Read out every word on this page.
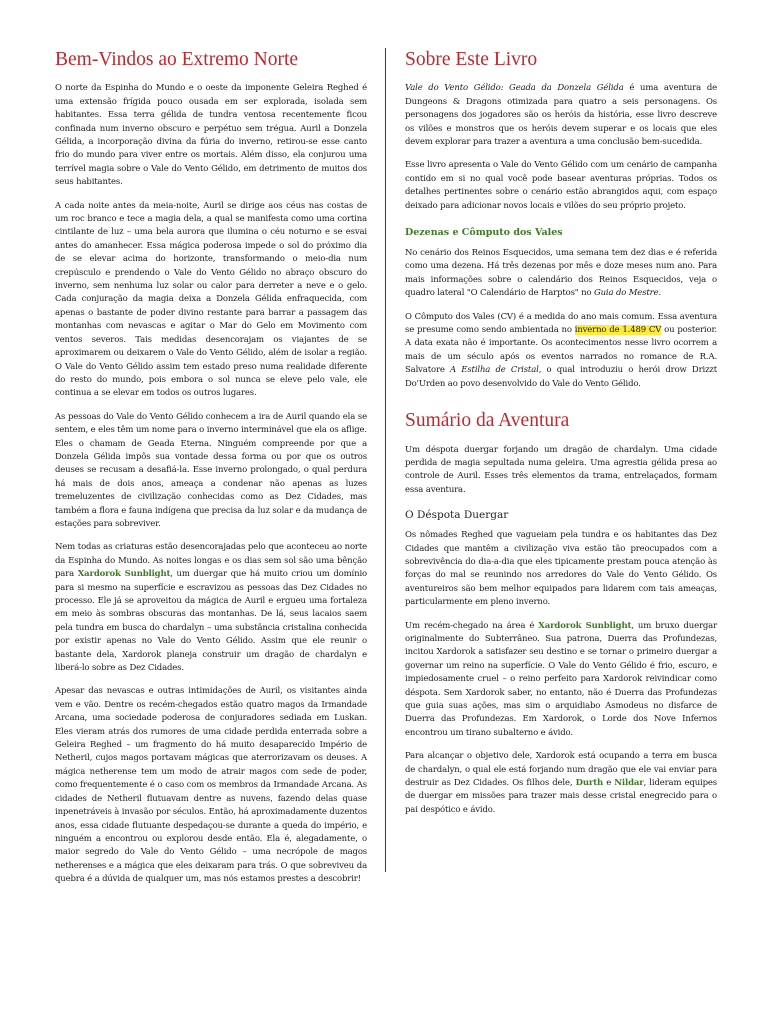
Bem-Vindos ao Extremo Norte

O norte da Espinha do Mundo e o oeste da imponente Geleira Reghed é uma extensão frígida pouco ousada em ser explorada, isolada sem habitantes. Essa terra gélida de tundra ventosa recentemente ficou confinada num inverno obscuro e perpétuo sem trégua. Auril a Donzela Gélida, a incorporação divina da fúria do inverno, retirou-se esse canto frio do mundo para viver entre os mortais. Além disso, ela conjurou uma terrível magia sobre o Vale do Vento Gélido, em detrimento de muitos dos seus habitantes.

A cada noite antes da meia-noite, Auril se dirige aos céus nas costas de um roc branco e tece a magia dela, a qual se manifesta como uma cortina cintilante de luz – uma bela aurora que ilumina o céu noturno e se esvai antes do amanhecer. Essa mágica poderosa impede o sol do próximo dia de se elevar acima do horizonte, transformando o meio-dia num crepúsculo e prendendo o Vale do Vento Gélido no abraço obscuro do inverno, sem nenhuma luz solar ou calor para derreter a neve e o gelo. Cada conjuração da magia deixa a Donzela Gélida enfraquecida, com apenas o bastante de poder divino restante para barrar a passagem das montanhas com nevascas e agitar o Mar do Gelo em Movimento com ventos severos. Tais medidas desencorajam os viajantes de se aproximarem ou deixarem o Vale do Vento Gélido, além de isolar a região. O Vale do Vento Gélido assim tem estado preso numa realidade diferente do resto do mundo, pois embora o sol nunca se eleve pelo vale, ele continua a se elevar em todos os outros lugares.

As pessoas do Vale do Vento Gélido conhecem a ira de Auril quando ela se sentem, e eles têm um nome para o inverno interminável que ela os aflige. Eles o chamam de Geada Eterna. Ninguém compreende por que a Donzela Gélida impôs sua vontade dessa forma ou por que os outros deuses se recusam a desafiá-la. Esse inverno prolongado, o qual perdura há mais de dois anos, ameaça a condenar não apenas as luzes tremeluzentes de civilização conhecidas como as Dez Cidades, mas também a flora e fauna indígena que precisa da luz solar e da mudança de estações para sobreviver.

Nem todas as criaturas estão desencorajadas pelo que aconteceu ao norte da Espinha do Mundo. As noites longas e os dias sem sol são uma bênção para Xardorok Sunblight, um duergar que há muito criou um domínio para si mesmo na superfície e escravizou as pessoas das Dez Cidades no processo. Ele já se aproveitou da mágica de Auril e ergueu uma fortaleza em meio às sombras obscuras das montanhas. De lá, seus lacaios saem pela tundra em busca do chardalyn – uma substância cristalina conhecida por existir apenas no Vale do Vento Gélido. Assim que ele reunir o bastante dela, Xardorok planeja construir um dragão de chardalyn e liberá-lo sobre as Dez Cidades.

Apesar das nevascas e outras intimidações de Auril, os visitantes ainda vem e vão. Dentre os recém-chegados estão quatro magos da Irmandade Arcana, uma sociedade poderosa de conjuradores sediada em Luskan. Eles vieram atrás dos rumores de uma cidade perdida enterrada sobre a Geleira Reghed – um fragmento do há muito desaparecido Império de Netheril, cujos magos portavam mágicas que aterrorizavam os deuses. A mágica netherense tem um modo de atrair magos com sede de poder, como frequentemente é o caso com os membros da Irmandade Arcana. As cidades de Netheril flutuavam dentre as nuvens, fazendo delas quase inpenetráveis à invasão por séculos. Então, há aproximadamente duzentos anos, essa cidade flutuante despedaçou-se durante a queda do império, e ninguém a encontrou ou explorou desde então. Ela é, alegadamente, o maior segredo do Vale do Vento Gélido – uma necrópole de magos netherenses e a mágica que eles deixaram para trás. O que sobreviveu da quebra é a dúvida de qualquer um, mas nós estamos prestes a descobrir!

Sobre Este Livro

Vale do Vento Gélido: Geada da Donzela Gélida é uma aventura de Dungeons & Dragons otimizada para quatro a seis personagens. Os personagens dos jogadores são os heróis da história, esse livro descreve os vilões e monstros que os heróis devem superar e os locais que eles devem explorar para trazer a aventura a uma conclusão bem-sucedida.

Esse livro apresenta o Vale do Vento Gélido com um cenário de campanha contido em si no qual você pode basear aventuras próprias. Todos os detalhes pertinentes sobre o cenário estão abrangidos aqui, com espaço deixado para adicionar novos locais e vilões do seu próprio projeto.

Dezenas e Cômputo dos Vales

No cenário dos Reinos Esquecidos, uma semana tem dez dias e é referida como uma dezena. Há três dezenas por mês e doze meses num ano. Para mais informações sobre o calendário dos Reinos Esquecidos, veja o quadro lateral "O Calendário de Harptos" no Guia do Mestre.

O Cômputo dos Vales (CV) é a medida do ano mais comum. Essa aventura se presume como sendo ambientada no inverno de 1.489 CV ou posterior. A data exata não é importante. Os acontecimentos nesse livro ocorrem a mais de um século após os eventos narrados no romance de R.A. Salvatore A Estilha de Cristal, o qual introduziu o herói drow Drizzt Do'Urden ao povo desenvolvido do Vale do Vento Gélido.

Sumário da Aventura

Um déspota duergar forjando um dragão de chardalyn. Uma cidade perdida de magia sepultada numa geleira. Uma agrestia gélida presa ao controle de Auril. Esses três elementos da trama, entrelaçados, formam essa aventura.

O Déspota Duergar

Os nômades Reghed que vagueiam pela tundra e os habitantes das Dez Cidades que mantêm a civilização viva estão tão preocupados com a sobrevivência do dia-a-dia que eles tipicamente prestam pouca atenção às forças do mal se reunindo nos arredores do Vale do Vento Gélido. Os aventureiros são bem melhor equipados para lidarem com tais ameaças, particularmente em pleno inverno.

Um recém-chegado na área é Xardorok Sunblight, um bruxo duergar originalmente do Subterrâneo. Sua patrona, Duerra das Profundezas, incitou Xardorok a satisfazer seu destino e se tornar o primeiro duergar a governar um reino na superfície. O Vale do Vento Gélido é frio, escuro, e impiedosamente cruel – o reino perfeito para Xardorok reivindicar como déspota. Sem Xardorok saber, no entanto, não é Duerra das Profundezas que guia suas ações, mas sim o arquidiabo Asmodeus no disfarce de Duerra das Profundezas. Em Xardorok, o Lorde dos Nove Infernos encontrou um tirano subalterno e ávido.

Para alcançar o objetivo dele, Xardorok está ocupando a terra em busca de chardalyn, o qual ele está forjando num dragão que ele vai enviar para destruir as Dez Cidades. Os filhos dele, Durth e Nildar, lideram equipes de duergar em missões para trazer mais desse cristal enegrecido para o pai despótico e ávido.
